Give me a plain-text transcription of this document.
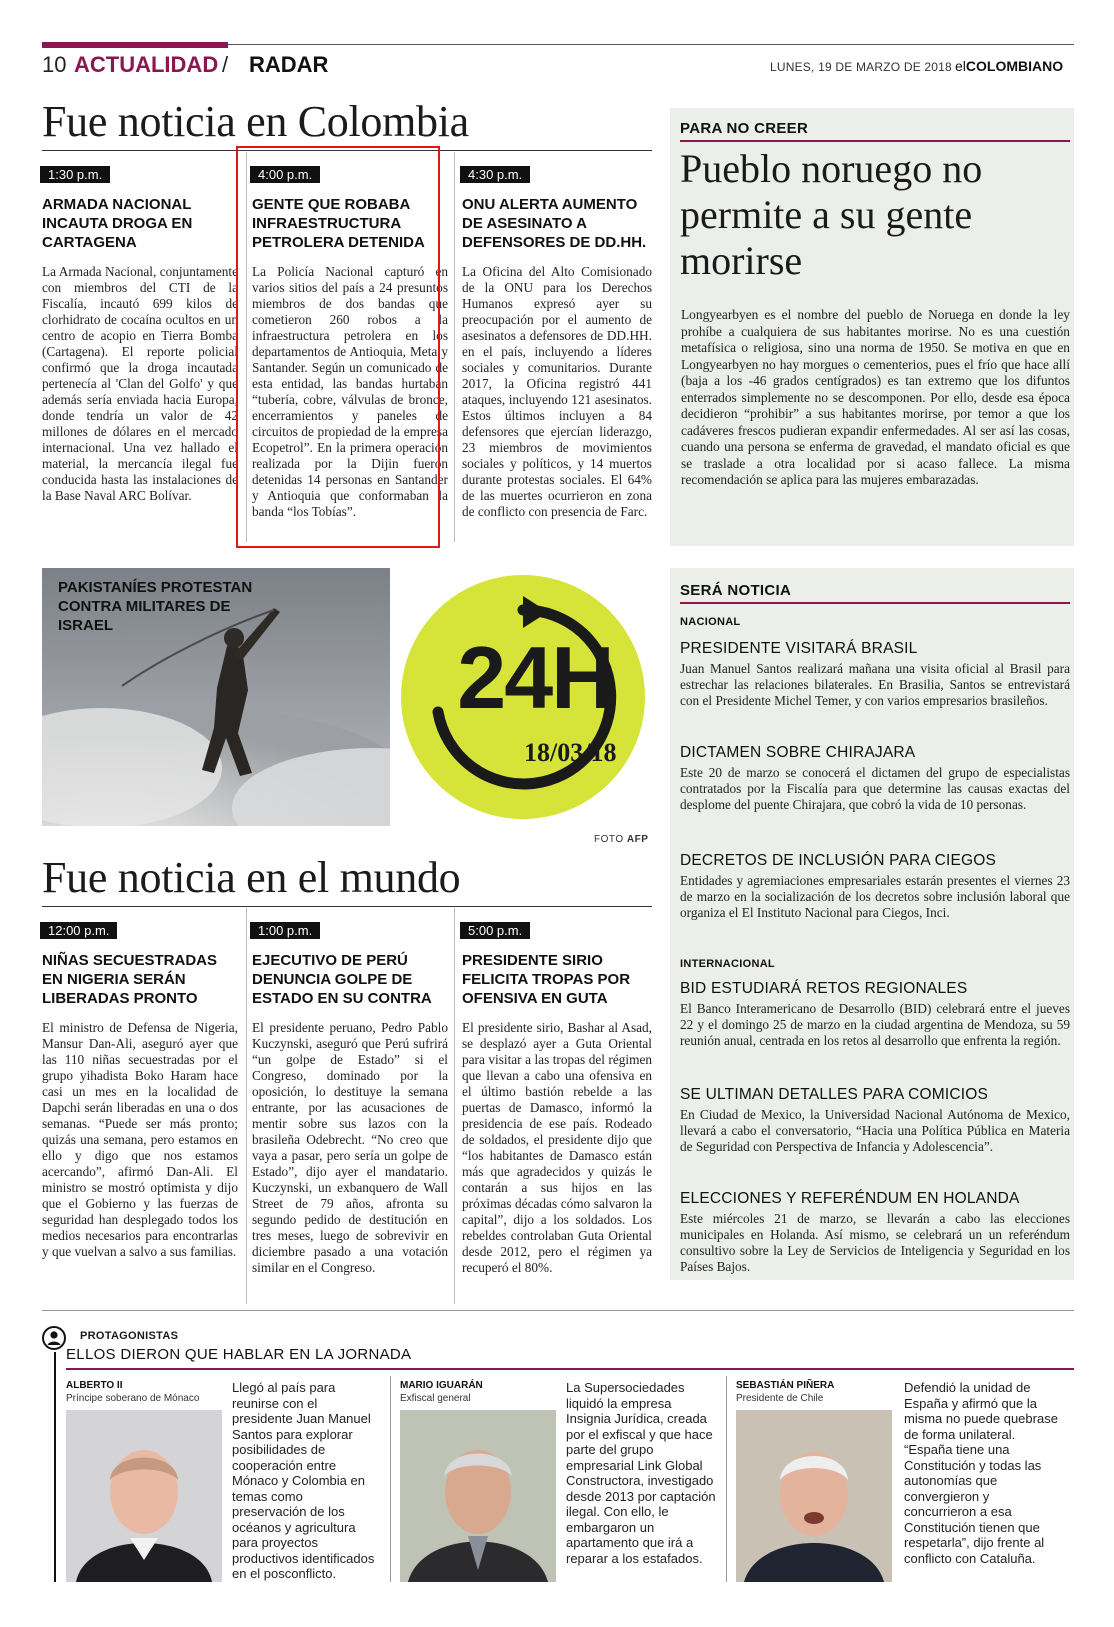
10 ACTUALIDAD / RADAR	LUNES, 19 DE MARZO DE 2018 elCOLOMBIANO
Fue noticia en Colombia
1:30 p.m.
ARMADA NACIONAL INCAUTA DROGA EN CARTAGENA
La Armada Nacional, conjuntamente con miembros del CTI de la Fiscalía, incautó 699 kilos de clorhidrato de cocaína ocultos en un centro de acopio en Tierra Bomba (Cartagena). El reporte policial confirmó que la droga incautada pertenecía al 'Clan del Golfo' y que además sería enviada hacia Europa, donde tendría un valor de 42 millones de dólares en el mercado internacional. Una vez hallado el material, la mercancía ilegal fue conducida hasta las instalaciones de la Base Naval ARC Bolívar.
4:00 p.m.
GENTE QUE ROBABA INFRAESTRUCTURA PETROLERA DETENIDA
La Policía Nacional capturó en varios sitios del país a 24 presuntos miembros de dos bandas que cometieron 260 robos a la infraestructura petrolera en los departamentos de Antioquia, Meta y Santander. Según un comunicado de esta entidad, las bandas hurtaban “tubería, cobre, válvulas de bronce, encerramientos y paneles de circuitos de propiedad de la empresa Ecopetrol”. En la primera operación realizada por la Dijin fueron detenidas 14 personas en Santander y Antioquia que conformaban la banda “los Tobías”.
4:30 p.m.
ONU ALERTA AUMENTO DE ASESINATO A DEFENSORES DE DD.HH.
La Oficina del Alto Comisionado de la ONU para los Derechos Humanos expresó ayer su preocupación por el aumento de asesinatos a defensores de DD.HH. en el país, incluyendo a líderes sociales y comunitarios. Durante 2017, la Oficina registró 441 ataques, incluyendo 121 asesinatos. Estos últimos incluyen a 84 defensores que ejercían liderazgo, 23 miembros de movimientos sociales y políticos, y 14 muertos durante protestas sociales. El 64% de las muertes ocurrieron en zona de conflicto con presencia de Farc.
PARA NO CREER
Pueblo noruego no permite a su gente morirse
Longyearbyen es el nombre del pueblo de Noruega en donde la ley prohíbe a cualquiera de sus habitantes morirse. No es una cuestión metafísica o religiosa, sino una norma de 1950. Se motiva en que en Longyearbyen no hay morgues o cementerios, pues el frío que hace allí (baja a los -46 grados centígrados) es tan extremo que los difuntos enterrados simplemente no se descomponen. Por ello, desde esa época decidieron “prohibir” a sus habitantes morirse, por temor a que los cadáveres frescos pudieran expandir enfermedades. Al ser así las cosas, cuando una persona se enferma de gravedad, el mandato oficial es que se traslade a otra localidad por si acaso fallece. La misma recomendación se aplica para las mujeres embarazadas.
PAKISTANÍES PROTESTAN CONTRA MILITARES DE ISRAEL
24H
18/03/18
FOTO AFP
SERÁ NOTICIA
NACIONAL
PRESIDENTE VISITARÁ BRASIL
Juan Manuel Santos realizará mañana una visita oficial al Brasil para estrechar las relaciones bilaterales. En Brasilia, Santos se entrevistará con el Presidente Michel Temer, y con varios empresarios brasileños.
DICTAMEN SOBRE CHIRAJARA
Este 20 de marzo se conocerá el dictamen del grupo de especialistas contratados por la Fiscalía para que determine las causas exactas del desplome del puente Chirajara, que cobró la vida de 10 personas.
DECRETOS DE INCLUSIÓN PARA CIEGOS
Entidades y agremiaciones empresariales estarán presentes el viernes 23 de marzo en la socialización de los decretos sobre inclusión laboral que organiza el El Instituto Nacional para Ciegos, Inci.
INTERNACIONAL
BID ESTUDIARÁ RETOS REGIONALES
El Banco Interamericano de Desarrollo (BID) celebrará entre el jueves 22 y el domingo 25 de marzo en la ciudad argentina de Mendoza, su 59 reunión anual, centrada en los retos al desarrollo que enfrenta la región.
SE ULTIMAN DETALLES PARA COMICIOS
En Ciudad de Mexico, la Universidad Nacional Autónoma de Mexico, llevará a cabo el conversatorio, “Hacia una Política Pública en Materia de Seguridad con Perspectiva de Infancia y Adolescencia”.
ELECCIONES Y REFERÉNDUM EN HOLANDA
Este miércoles 21 de marzo, se llevarán a cabo las elecciones municipales en Holanda. Así mismo, se celebrará un un referéndum consultivo sobre la Ley de Servicios de Inteligencia y Seguridad en los Países Bajos.
Fue noticia en el mundo
12:00 p.m.
NIÑAS SECUESTRADAS EN NIGERIA SERÁN LIBERADAS PRONTO
El ministro de Defensa de Nigeria, Mansur Dan-Ali, aseguró ayer que las 110 niñas secuestradas por el grupo yihadista Boko Haram hace casi un mes en la localidad de Dapchi serán liberadas en una o dos semanas. “Puede ser más pronto; quizás una semana, pero estamos en ello y digo que nos estamos acercando”, afirmó Dan-Ali. El ministro se mostró optimista y dijo que el Gobierno y las fuerzas de seguridad han desplegado todos los medios necesarios para encontrarlas y que vuelvan a salvo a sus familias.
1:00 p.m.
EJECUTIVO DE PERÚ DENUNCIA GOLPE DE ESTADO EN SU CONTRA
El presidente peruano, Pedro Pablo Kuczynski, aseguró que Perú sufrirá “un golpe de Estado” si el Congreso, dominado por la oposición, lo destituye la semana entrante, por las acusaciones de mentir sobre sus lazos con la brasileña Odebrecht. “No creo que vaya a pasar, pero sería un golpe de Estado”, dijo ayer el mandatario. Kuczynski, un exbanquero de Wall Street de 79 años, afronta su segundo pedido de destitución en tres meses, luego de sobrevivir en diciembre pasado a una votación similar en el Congreso.
5:00 p.m.
PRESIDENTE SIRIO FELICITA TROPAS POR OFENSIVA EN GUTA
El presidente sirio, Bashar al Asad, se desplazó ayer a Guta Oriental para visitar a las tropas del régimen que llevan a cabo una ofensiva en el último bastión rebelde a las puertas de Damasco, informó la presidencia de ese país. Rodeado de soldados, el presidente dijo que “los habitantes de Damasco están más que agradecidos y quizás le contarán a sus hijos en las próximas décadas cómo salvaron la capital”, dijo a los soldados. Los rebeldes controlaban Guta Oriental desde 2012, pero el régimen ya recuperó el 80%.
PROTAGONISTAS
ELLOS DIERON QUE HABLAR EN LA JORNADA
ALBERTO II
Príncipe soberano de Mónaco
Llegó al país para reunirse con el presidente Juan Manuel Santos para explorar posibilidades de cooperación entre Mónaco y Colombia en temas como preservación de los océanos y agricultura para proyectos productivos identificados en el posconflicto.
MARIO IGUARÁN
Exfiscal general
La Supersociedades liquidó la empresa Insignia Jurídica, creada por el exfiscal y que hace parte del grupo empresarial Link Global Constructora, investigado desde 2013 por captación ilegal. Con ello, le embargaron un apartamento que irá a reparar a los estafados.
SEBASTIÁN PIÑERA
Presidente de Chile
Defendió la unidad de España y afirmó que la misma no puede quebrase de forma unilateral. “España tiene una Constitución y todas las autonomías que convergieron y concurrieron a esa Constitución tienen que respetarla”, dijo frente al conflicto con Cataluña.
